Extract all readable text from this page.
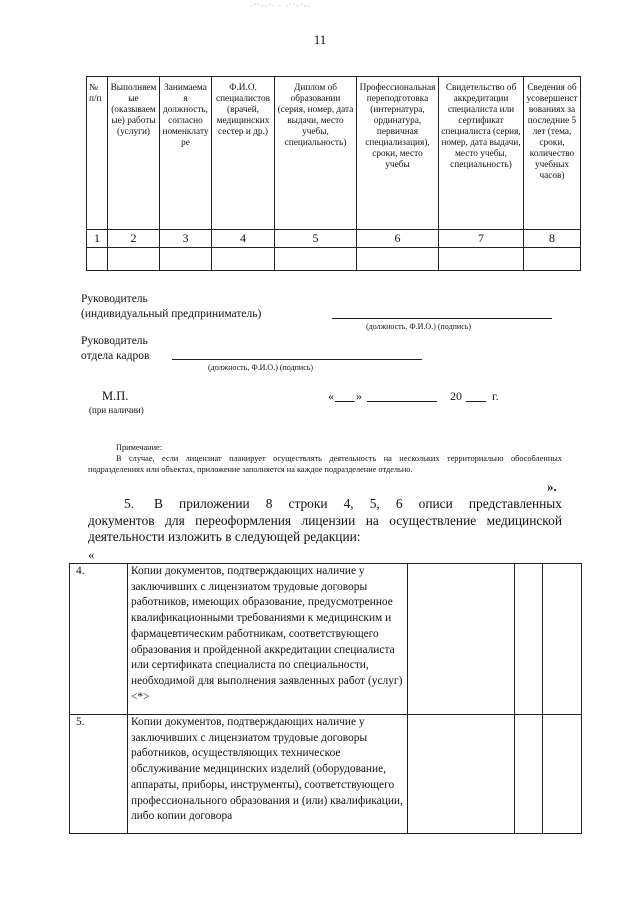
·˜˙··˙· · ·˙˙·˙··
11
№ п/п	Выполняемые (оказываемые) работы (услуги)	Занимаемая должность, согласно номенклатуре	Ф.И.О. специалистов (врачей, медицинских сестер и др.)	Диплом об образовании (серия, номер, дата выдачи, место учебы, специальность)	Профессиональная переподготовка (интернатура, ординатура, первичная специализация), сроки, место учебы	Свидетельство об аккредитации специалиста или сертификат специалиста (серия, номер, дата выдачи, место учебы, специальность)	Сведения об усовершенствованиях за последние 5 лет (тема, сроки, количество учебных часов)
1	2	3	4	5	6	7	8

Руководитель
(индивидуальный предприниматель)
(должность, Ф.И.О.) (подпись)
Руководитель
отдела кадров
(должность, Ф.И.О.) (подпись)
М.П.
(при наличии)
« »	20	г.
Примечание:
В случае, если лицензиат планирует осуществлять деятельность на нескольких территориально обособленных подразделениях или объектах, приложение заполняется на каждое подразделение отдельно.
».
5. В приложении 8 строки 4, 5, 6 описи представленных
документов для переоформления лицензии на осуществление медицинской деятельности изложить в следующей редакции:
«
4.	Копии документов, подтверждающих наличие у заключивших с лицензиатом трудовые договоры работников, имеющих образование, предусмотренное квалификационными требованиями к медицинским и фармацевтическим работникам, соответствующего образования и пройденной аккредитации специалиста или сертификата специалиста по специальности, необходимой для выполнения заявленных работ (услуг) <*>			
5.	Копии документов, подтверждающих наличие у заключивших с лицензиатом трудовые договоры работников, осуществляющих техническое обслуживание медицинских изделий (оборудование, аппараты, приборы, инструменты), соответствующего профессионального образования и (или) квалификации, либо копии договора			
